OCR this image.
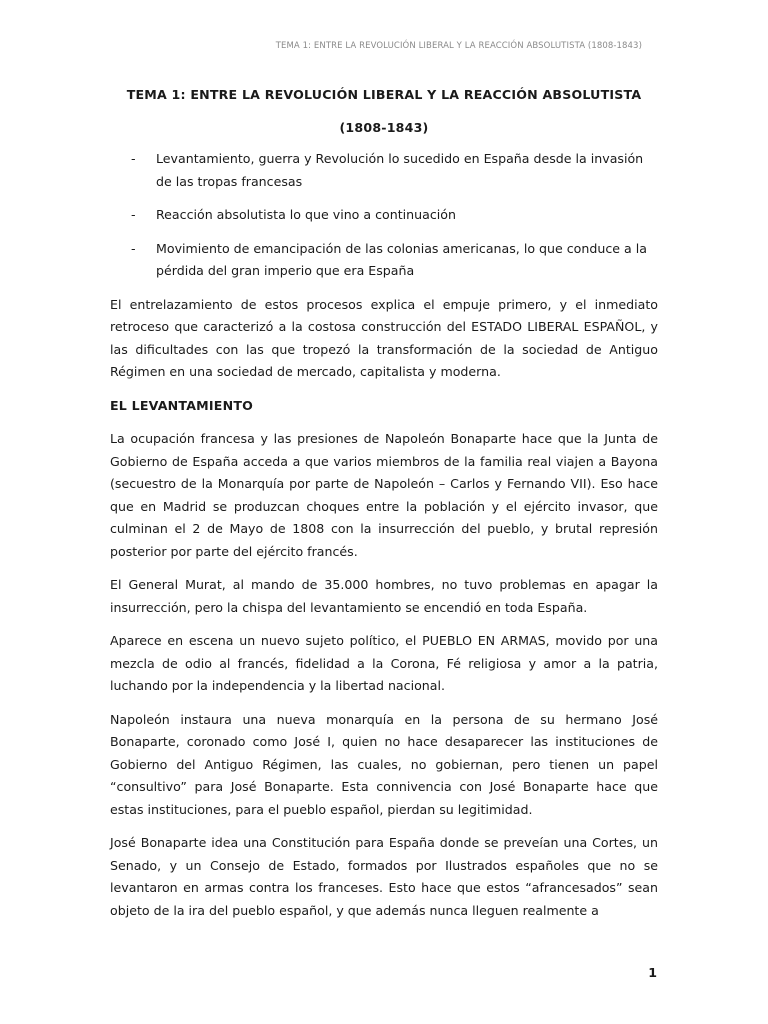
TEMA 1: ENTRE LA REVOLUCIÓN LIBERAL Y LA REACCIÓN ABSOLUTISTA (1808-1843)
TEMA 1: ENTRE LA REVOLUCIÓN LIBERAL Y LA REACCIÓN ABSOLUTISTA
(1808-1843)
-	Levantamiento, guerra y Revolución lo sucedido en España desde la invasión de las tropas francesas
-	Reacción absolutista lo que vino a continuación
-	Movimiento de emancipación de las colonias americanas, lo que conduce a la pérdida del gran imperio que era España

El entrelazamiento de estos procesos explica el empuje primero, y el inmediato retroceso que caracterizó a la costosa construcción del ESTADO LIBERAL ESPAÑOL, y las dificultades con las que tropezó la transformación de la sociedad de Antiguo Régimen en una sociedad de mercado, capitalista y moderna.

EL LEVANTAMIENTO

La ocupación francesa y las presiones de Napoleón Bonaparte hace que la Junta de Gobierno de España acceda a que varios miembros de la familia real viajen a Bayona (secuestro de la Monarquía por parte de Napoleón – Carlos y Fernando VII). Eso hace que en Madrid se produzcan choques entre la población y el ejército invasor, que culminan el 2 de Mayo de 1808 con la insurrección del pueblo, y brutal represión posterior por parte del ejército francés.

El General Murat, al mando de 35.000 hombres, no tuvo problemas en apagar la insurrección, pero la chispa del levantamiento se encendió en toda España.

Aparece en escena un nuevo sujeto político, el PUEBLO EN ARMAS, movido por una mezcla de odio al francés, fidelidad a la Corona, Fé religiosa y amor a la patria, luchando por la independencia y la libertad nacional.

Napoleón instaura una nueva monarquía en la persona de su hermano José Bonaparte, coronado como José I, quien no hace desaparecer las instituciones de Gobierno del Antiguo Régimen, las cuales, no gobiernan, pero tienen un papel “consultivo” para José Bonaparte. Esta connivencia con José Bonaparte hace que estas instituciones, para el pueblo español, pierdan su legitimidad.

José Bonaparte idea una Constitución para España donde se preveían una Cortes, un Senado, y un Consejo de Estado, formados por Ilustrados españoles que no se levantaron en armas contra los franceses. Esto hace que estos “afrancesados” sean objeto de la ira del pueblo español, y que además nunca lleguen realmente a

1
